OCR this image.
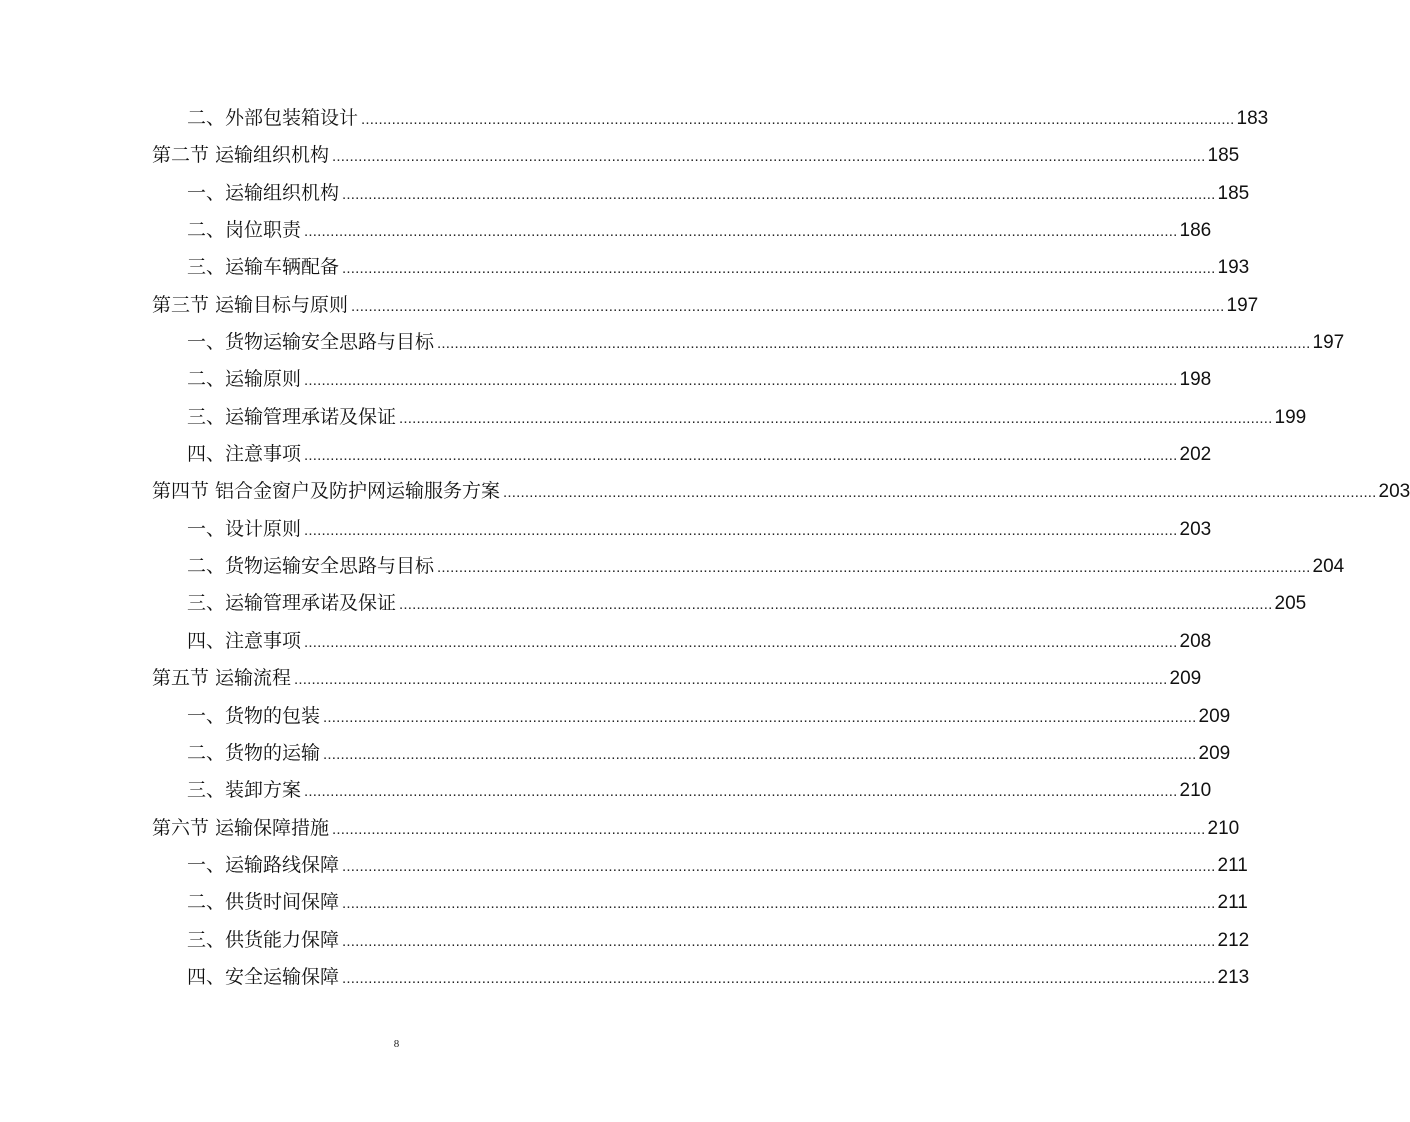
二、外部包装箱设计 ........................................................................................................................................................................................................ 183
第二节 运输组织机构 ........................................................................................................................................................................................................ 185
一、运输组织机构 ........................................................................................................................................................................................................ 185
二、岗位职责 ........................................................................................................................................................................................................ 186
三、运输车辆配备 ........................................................................................................................................................................................................ 193
第三节 运输目标与原则 ........................................................................................................................................................................................................ 197
一、货物运输安全思路与目标 ........................................................................................................................................................................................................ 197
二、运输原则 ........................................................................................................................................................................................................ 198
三、运输管理承诺及保证 ........................................................................................................................................................................................................ 199
四、注意事项 ........................................................................................................................................................................................................ 202
第四节 铝合金窗户及防护网运输服务方案 ........................................................................................................................................................................................................ 203
一、设计原则 ........................................................................................................................................................................................................ 203
二、货物运输安全思路与目标 ........................................................................................................................................................................................................ 204
三、运输管理承诺及保证 ........................................................................................................................................................................................................ 205
四、注意事项 ........................................................................................................................................................................................................ 208
第五节 运输流程 ........................................................................................................................................................................................................ 209
一、货物的包装 ........................................................................................................................................................................................................ 209
二、货物的运输 ........................................................................................................................................................................................................ 209
三、装卸方案 ........................................................................................................................................................................................................ 210
第六节 运输保障措施 ........................................................................................................................................................................................................ 210
一、运输路线保障 ........................................................................................................................................................................................................ 211
二、供货时间保障 ........................................................................................................................................................................................................ 211
三、供货能力保障 ........................................................................................................................................................................................................ 212
四、安全运输保障 ........................................................................................................................................................................................................ 213
8
